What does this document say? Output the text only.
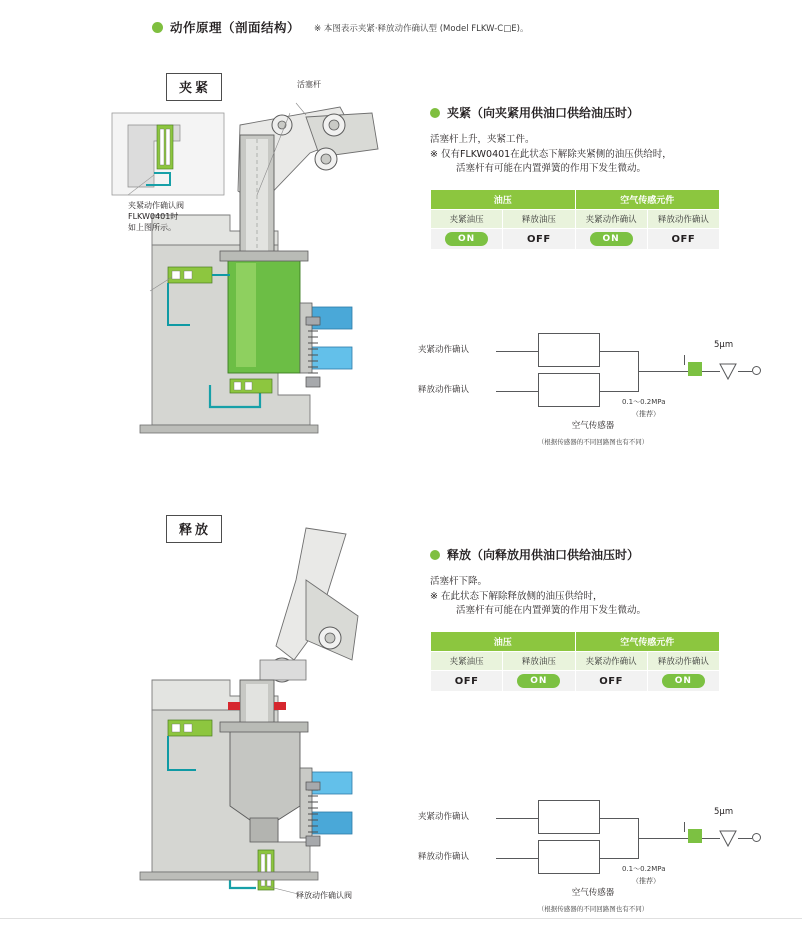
动作原理（剖面结构） ※ 本图表示夹紧·释放动作确认型 (Model FLKW-C□E)。
夹紧	活塞杆
夹紧动作确认阀
FLKW0401时
如上图所示。
夹紧（向夹紧用供油口供给油压时）
活塞杆上升，夹紧工件。
※ 仅有FLKW0401在此状态下解除夹紧侧的油压供给时，
活塞杆有可能在内置弹簧的作用下发生微动。
油压		空气传感元件	
夹紧油压	释放油压	夹紧动作确认	释放动作确认
ON	OFF	ON	OFF
夹紧动作确认
释放动作确认
5μm
0.1～0.2MPa
（推荐）
空气传感器
（根据传感器的不同回路图也有不同）
释放
释放动作确认阀
释放（向释放用供油口供给油压时）
活塞杆下降。
※ 在此状态下解除释放侧的油压供给时，
活塞杆有可能在内置弹簧的作用下发生微动。
油压		空气传感元件	
夹紧油压	释放油压	夹紧动作确认	释放动作确认
OFF	ON	OFF	ON
夹紧动作确认
释放动作确认
5μm
0.1～0.2MPa
（推荐）
空气传感器
（根据传感器的不同回路图也有不同）
